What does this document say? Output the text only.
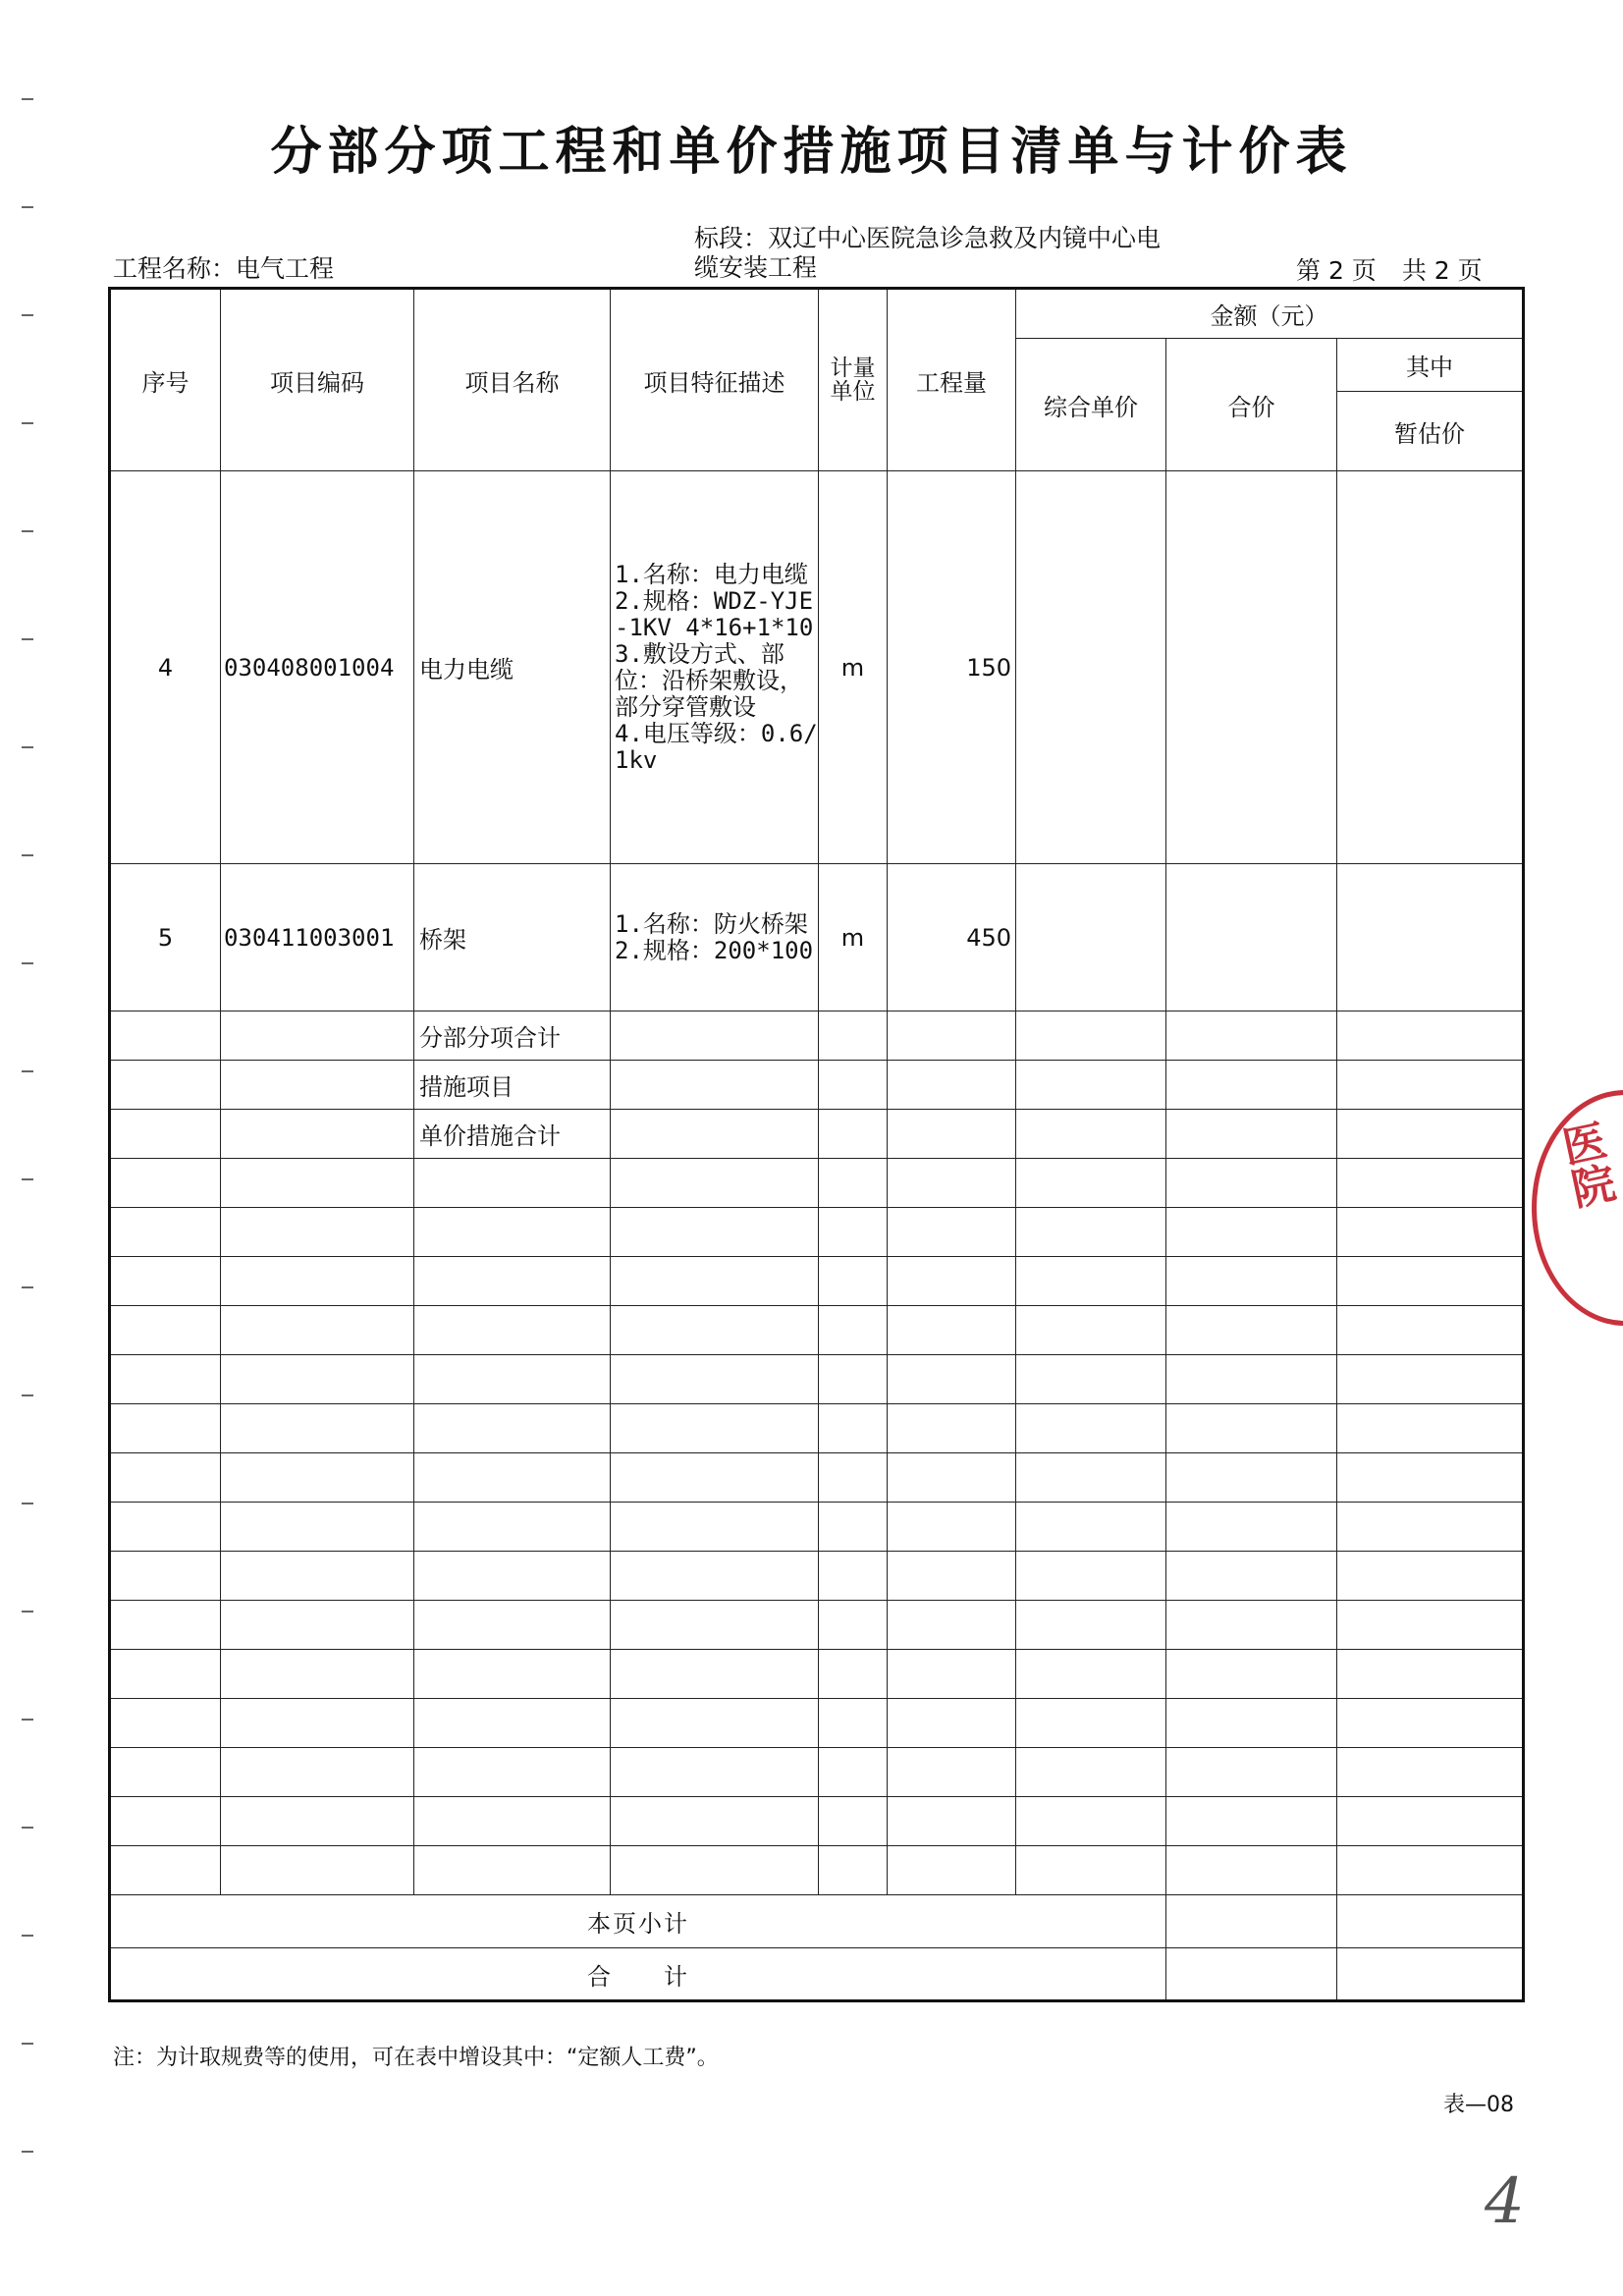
分部分项工程和单价措施项目清单与计价表
工程名称：电气工程
标段：双辽中心医院急诊急救及内镜中心电缆安装工程	第 2 页 共 2 页
序号	项目编码	项目名称	项目特征描述	计量单位	工程量	金额（元）		
						综合单价	合价	其中
								暂估价
4	030408001004	电力电缆	1.名称：电力电缆
2.规格：WDZ-YJE-1KV 4*16+1*10
3.敷设方式、部位：沿桥架敷设，部分穿管敷设
4.电压等级：0.6/1kv	m	150			
5	030411003001	桥架	1.名称：防火桥架
2.规格：200*100	m	450			
		分部分项合计						
		措施项目						
		单价措施合计						

本页小计								
合　　计								
注：为计取规费等的使用，可在表中增设其中：“定额人工费”。
表—08
4
医院
